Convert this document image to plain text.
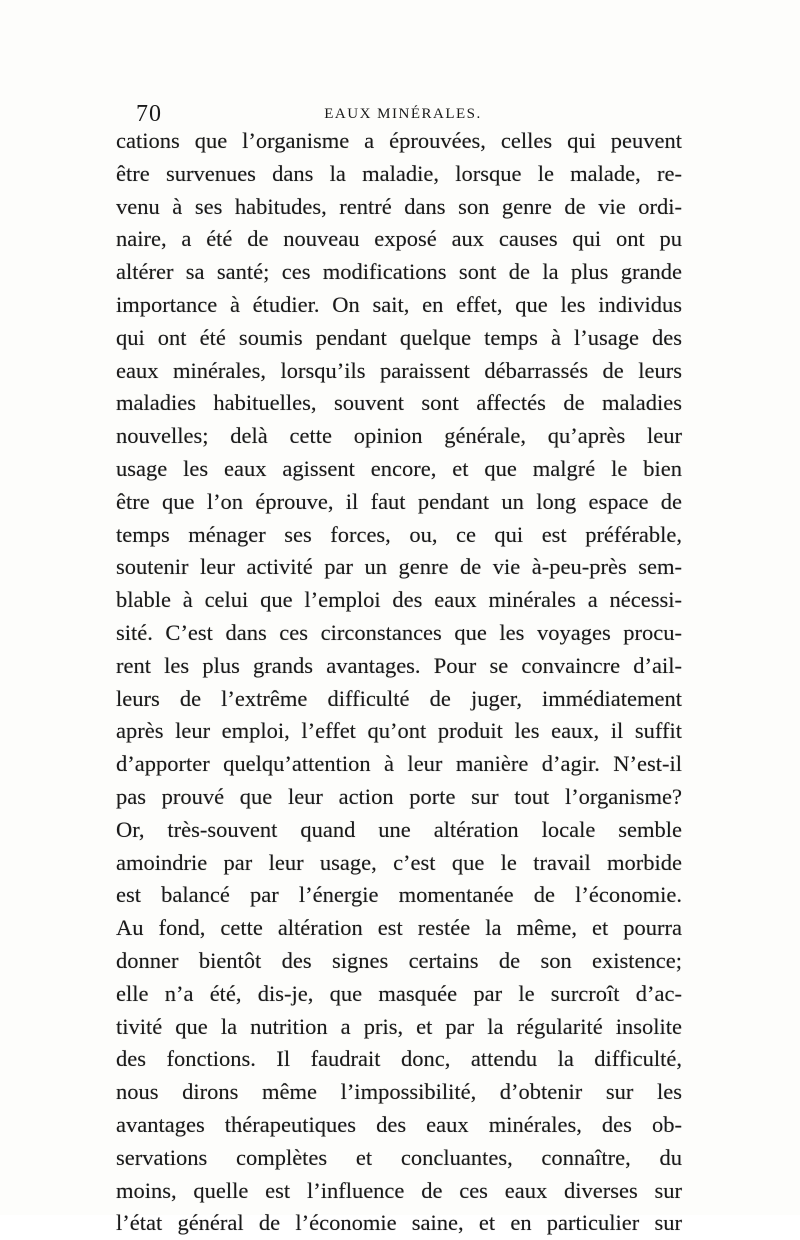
70	EAUX MINÉRALES.
cations que l’organisme a éprouvées, celles qui peuvent
être survenues dans la maladie, lorsque le malade, re-
venu à ses habitudes, rentré dans son genre de vie ordi-
naire, a été de nouveau exposé aux causes qui ont pu
altérer sa santé; ces modifications sont de la plus grande
importance à étudier. On sait, en effet, que les individus
qui ont été soumis pendant quelque temps à l’usage des
eaux minérales, lorsqu’ils paraissent débarrassés de leurs
maladies habituelles, souvent sont affectés de maladies
nouvelles; delà cette opinion générale, qu’après leur
usage les eaux agissent encore, et que malgré le bien
être que l’on éprouve, il faut pendant un long espace de
temps ménager ses forces, ou, ce qui est préférable,
soutenir leur activité par un genre de vie à-peu-près sem-
blable à celui que l’emploi des eaux minérales a nécessi-
sité. C’est dans ces circonstances que les voyages procu-
rent les plus grands avantages. Pour se convaincre d’ail-
leurs de l’extrême difficulté de juger, immédiatement
après leur emploi, l’effet qu’ont produit les eaux, il suffit
d’apporter quelqu’attention à leur manière d’agir. N’est-il
pas prouvé que leur action porte sur tout l’organisme?
Or, très-souvent quand une altération locale semble
amoindrie par leur usage, c’est que le travail morbide
est balancé par l’énergie momentanée de l’économie.
Au fond, cette altération est restée la même, et pourra
donner bientôt des signes certains de son existence;
elle n’a été, dis-je, que masquée par le surcroît d’ac-
tivité que la nutrition a pris, et par la régularité insolite
des fonctions. Il faudrait donc, attendu la difficulté,
nous dirons même l’impossibilité, d’obtenir sur les
avantages thérapeutiques des eaux minérales, des ob-
servations complètes et concluantes, connaître, du
moins, quelle est l’influence de ces eaux diverses sur
l’état général de l’économie saine, et en particulier sur
